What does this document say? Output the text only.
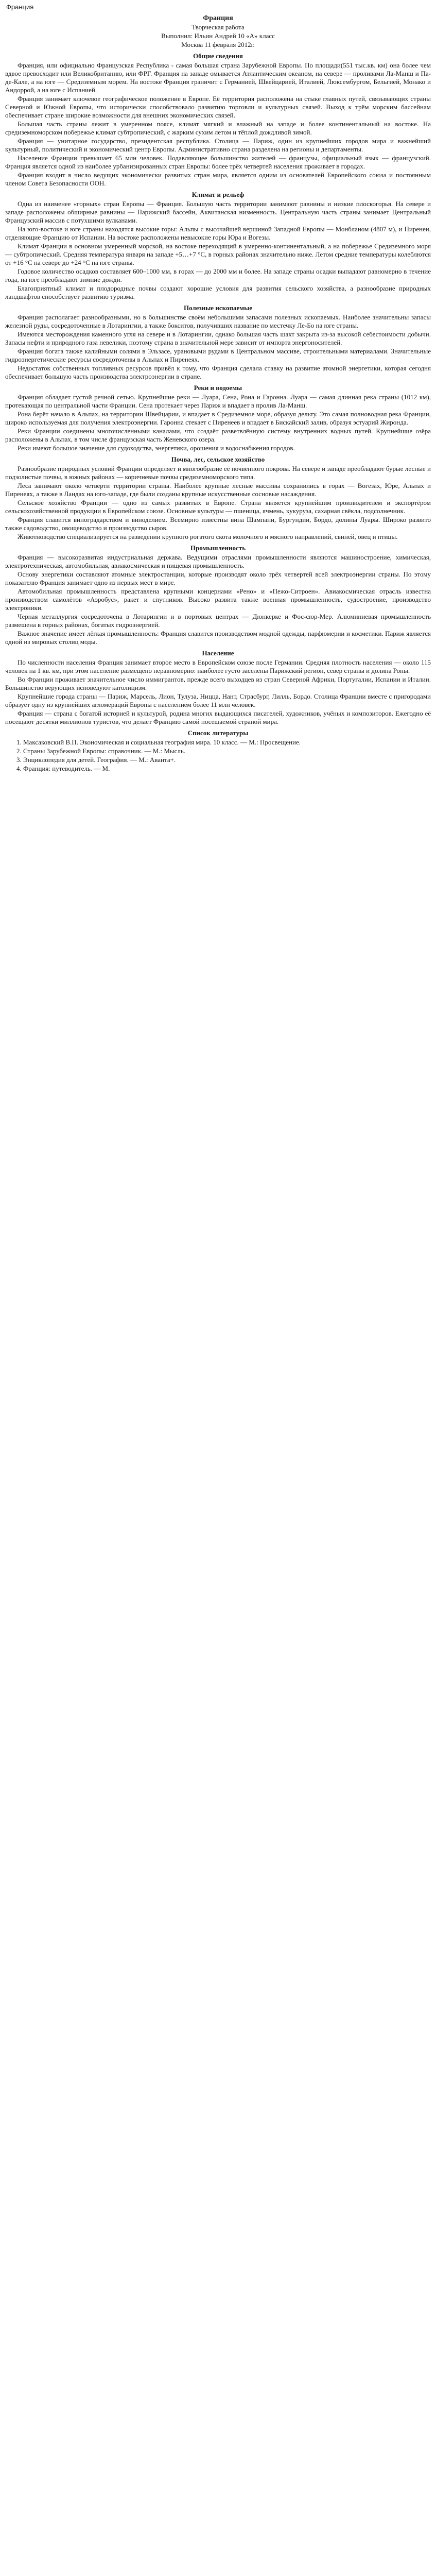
Франция
Франция
Творческая работа
Выполнил: Ильин Андрей 10 «А» класс
Москва 11 февраля 2012г.
Общие сведения
Франция, или официально Французская Республика - самая большая страна Зарубежной Европы. По площади(551 тыс.кв. км) она более чем вдвое превосходит или Великобританию, или ФРГ. Франция на западе омывается Атлантическим океаном, на севере — проливами Ла-Манш и Па-де-Кале, а на юге — Средиземным морем. На востоке Франция граничит с Германией, Швейцарией, Италией, Люксембургом, Бельгией, Монако и Андоррой, а на юге с Испанией.
Франция занимает ключевое географическое положение в Европе. Её территория расположена на стыке главных путей, связывающих страны Северной и Южной Европы, что исторически способствовало развитию торговли и культурных связей. Выход к трём морским бассейнам обеспечивает стране широкие возможности для внешних экономических связей.
Большая часть страны лежит в умеренном поясе, климат мягкий и влажный на западе и более континентальный на востоке. На средиземноморском побережье климат субтропический, с жарким сухим летом и тёплой дождливой зимой.
Франция — унитарное государство, президентская республика. Столица — Париж, один из крупнейших городов мира и важнейший культурный, политический и экономический центр Европы. Административно страна разделена на регионы и департаменты.
Население Франции превышает 65 млн человек. Подавляющее большинство жителей — французы, официальный язык — французский. Франция является одной из наиболее урбанизированных стран Европы: более трёх четвертей населения проживает в городах.
Франция входит в число ведущих экономически развитых стран мира, является одним из основателей Европейского союза и постоянным членом Совета Безопасности ООН.
Климат и рельеф
Одна из наименее «горных» стран Европы — Франция. Большую часть территории занимают равнины и низкие плоскогорья. На севере и западе расположены обширные равнины — Парижский бассейн, Аквитанская низменность. Центральную часть страны занимает Центральный Французский массив с потухшими вулканами.
На юго-востоке и юге страны находятся высокие горы: Альпы с высочайшей вершиной Западной Европы — Монбланом (4807 м), и Пиренеи, отделяющие Францию от Испании. На востоке расположены невысокие горы Юра и Вогезы.
Климат Франции в основном умеренный морской, на востоке переходящий в умеренно-континентальный, а на побережье Средиземного моря — субтропический. Средняя температура января на западе +5…+7 °C, в горных районах значительно ниже. Летом средние температуры колеблются от +16 °C на севере до +24 °C на юге страны.
Годовое количество осадков составляет 600–1000 мм, в горах — до 2000 мм и более. На западе страны осадки выпадают равномерно в течение года, на юге преобладают зимние дожди.
Благоприятный климат и плодородные почвы создают хорошие условия для развития сельского хозяйства, а разнообразие природных ландшафтов способствует развитию туризма.
Полезные ископаемые
Франция располагает разнообразными, но в большинстве своём небольшими запасами полезных ископаемых. Наиболее значительны запасы железной руды, сосредоточенные в Лотарингии, а также бокситов, получивших название по местечку Ле-Бо на юге страны.
Имеются месторождения каменного угля на севере и в Лотарингии, однако большая часть шахт закрыта из-за высокой себестоимости добычи. Запасы нефти и природного газа невелики, поэтому страна в значительной мере зависит от импорта энергоносителей.
Франция богата также калийными солями в Эльзасе, урановыми рудами в Центральном массиве, строительными материалами. Значительные гидроэнергетические ресурсы сосредоточены в Альпах и Пиренеях.
Недостаток собственных топливных ресурсов привёл к тому, что Франция сделала ставку на развитие атомной энергетики, которая сегодня обеспечивает большую часть производства электроэнергии в стране.
Реки и водоемы
Франция обладает густой речной сетью. Крупнейшие реки — Луара, Сена, Рона и Гаронна. Луара — самая длинная река страны (1012 км), протекающая по центральной части Франции. Сена протекает через Париж и впадает в пролив Ла-Манш.
Рона берёт начало в Альпах, на территории Швейцарии, и впадает в Средиземное море, образуя дельту. Это самая полноводная река Франции, широко используемая для получения электроэнергии. Гаронна стекает с Пиренеев и впадает в Бискайский залив, образуя эстуарий Жиронда.
Реки Франции соединены многочисленными каналами, что создаёт разветвлённую систему внутренних водных путей. Крупнейшие озёра расположены в Альпах, в том числе французская часть Женевского озера.
Реки имеют большое значение для судоходства, энергетики, орошения и водоснабжения городов.
Почва, лес, сельское хозяйство
Разнообразие природных условий Франции определяет и многообразие её почвенного покрова. На севере и западе преобладают бурые лесные и подзолистые почвы, в южных районах — коричневые почвы средиземноморского типа.
Леса занимают около четверти территории страны. Наиболее крупные лесные массивы сохранились в горах — Вогезах, Юре, Альпах и Пиренеях, а также в Ландах на юго-западе, где были созданы крупные искусственные сосновые насаждения.
Сельское хозяйство Франции — одно из самых развитых в Европе. Страна является крупнейшим производителем и экспортёром сельскохозяйственной продукции в Европейском союзе. Основные культуры — пшеница, ячмень, кукуруза, сахарная свёкла, подсолнечник.
Франция славится виноградарством и виноделием. Всемирно известны вина Шампани, Бургундии, Бордо, долины Луары. Широко развито также садоводство, овощеводство и производство сыров.
Животноводство специализируется на разведении крупного рогатого скота молочного и мясного направлений, свиней, овец и птицы.
Промышленность
Франция — высокоразвитая индустриальная держава. Ведущими отраслями промышленности являются машиностроение, химическая, электротехническая, автомобильная, авиакосмическая и пищевая промышленность.
Основу энергетики составляют атомные электростанции, которые производят около трёх четвертей всей электроэнергии страны. По этому показателю Франция занимает одно из первых мест в мире.
Автомобильная промышленность представлена крупными концернами «Рено» и «Пежо-Ситроен». Авиакосмическая отрасль известна производством самолётов «Аэробус», ракет и спутников. Высоко развита также военная промышленность, судостроение, производство электроники.
Черная металлургия сосредоточена в Лотарингии и в портовых центрах — Дюнкерке и Фос-сюр-Мер. Алюминиевая промышленность размещена в горных районах, богатых гидроэнергией.
Важное значение имеет лёгкая промышленность: Франция славится производством модной одежды, парфюмерии и косметики. Париж является одной из мировых столиц моды.
Население
По численности населения Франция занимает второе место в Европейском союзе после Германии. Средняя плотность населения — около 115 человек на 1 кв. км, при этом население размещено неравномерно: наиболее густо заселены Парижский регион, север страны и долина Роны.
Во Франции проживает значительное число иммигрантов, прежде всего выходцев из стран Северной Африки, Португалии, Испании и Италии. Большинство верующих исповедуют католицизм.
Крупнейшие города страны — Париж, Марсель, Лион, Тулуза, Ницца, Нант, Страсбург, Лилль, Бордо. Столица Франции вместе с пригородами образует одну из крупнейших агломераций Европы с населением более 11 млн человек.
Франция — страна с богатой историей и культурой, родина многих выдающихся писателей, художников, учёных и композиторов. Ежегодно её посещают десятки миллионов туристов, что делает Францию самой посещаемой страной мира.
Список литературы
1. Максаковский В.П. Экономическая и социальная география мира. 10 класс. — М.: Просвещение.
2. Страны Зарубежной Европы: справочник. — М.: Мысль.
3. Энциклопедия для детей. География. — М.: Аванта+.
4. Франция: путеводитель. — М.
